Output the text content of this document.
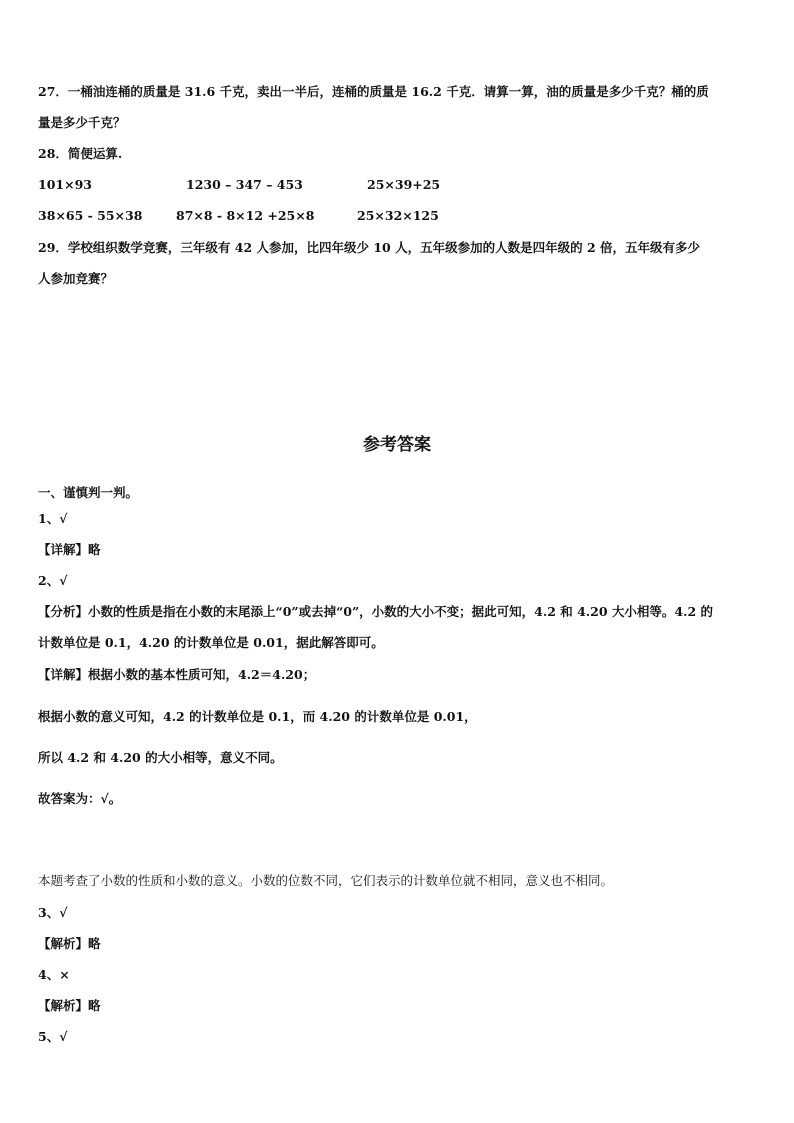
27．一桶油连桶的质量是 31.6 千克，卖出一半后，连桶的质量是 16.2 千克．请算一算，油的质量是多少千克？桶的质
量是多少千克？
28．简便运算.
101×93	1230 – 347 – 453	25×39+25
38×65 - 55×38	87×8 - 8×12 +25×8	25×32×125
29．学校组织数学竞赛，三年级有 42 人参加，比四年级少 10 人，五年级参加的人数是四年级的 2 倍，五年级有多少
人参加竞赛？
参考答案
一、谨慎判一判。
1、√
【详解】略
2、√
【分析】小数的性质是指在小数的末尾添上“0”或去掉“0”，小数的大小不变；据此可知，4.2 和 4.20 大小相等。4.2 的
计数单位是 0.1，4.20 的计数单位是 0.01，据此解答即可。
【详解】根据小数的基本性质可知，4.2＝4.20；
根据小数的意义可知，4.2 的计数单位是 0.1，而 4.20 的计数单位是 0.01，
所以 4.2 和 4.20 的大小相等，意义不同。
故答案为：√。
本题考查了小数的性质和小数的意义。小数的位数不同，它们表示的计数单位就不相同，意义也不相同。
3、√
【解析】略
4、×
【解析】略
5、√
